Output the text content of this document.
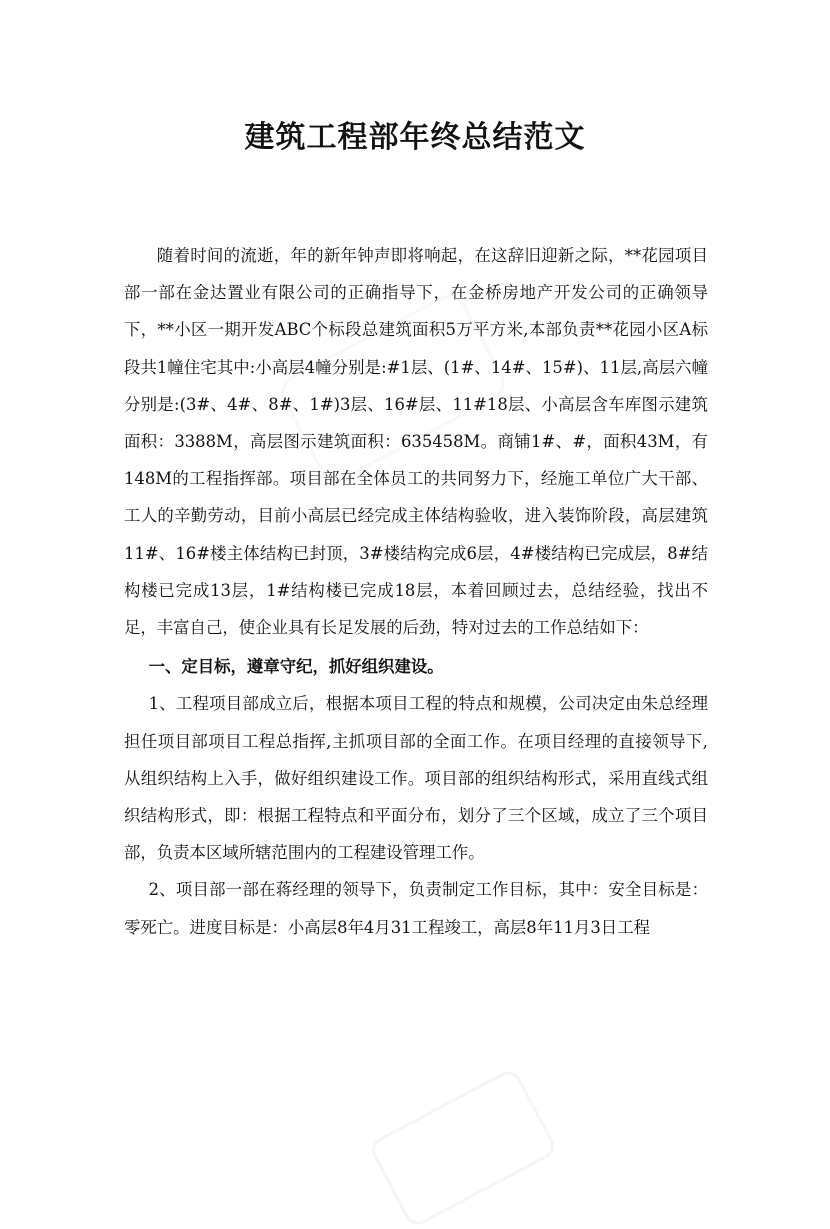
建筑工程部年终总结范文

随着时间的流逝，年的新年钟声即将响起，在这辞旧迎新之际，**花园项目部一部在金达置业有限公司的正确指导下，在金桥房地产开发公司的正确领导下，**小区一期开发ABC个标段总建筑面积5万平方米,本部负责**花园小区A标段共1幢住宅其中:小高层4幢分别是:#1层、(1#、14#、15#)、11层,高层六幢分别是:(3#、4#、8#、1#)3层、16#层、11#18层、小高层含车库图示建筑面积：3388M，高层图示建筑面积：635458M。商铺1#、#，面积43M，有148M的工程指挥部。项目部在全体员工的共同努力下，经施工单位广大干部、工人的辛勤劳动，目前小高层已经完成主体结构验收，进入装饰阶段，高层建筑11#、16#楼主体结构已封顶，3#楼结构完成6层，4#楼结构已完成层，8#结构楼已完成13层，1#结构楼已完成18层，本着回顾过去，总结经验，找出不足，丰富自己，使企业具有长足发展的后劲，特对过去的工作总结如下：

一、定目标，遵章守纪，抓好组织建设。

1、工程项目部成立后，根据本项目工程的特点和规模，公司决定由朱总经理担任项目部项目工程总指挥,主抓项目部的全面工作。在项目经理的直接领导下,从组织结构上入手，做好组织建设工作。项目部的组织结构形式，采用直线式组织结构形式，即：根据工程特点和平面分布，划分了三个区域，成立了三个项目部，负责本区域所辖范围内的工程建设管理工作。

2、项目部一部在蒋经理的领导下，负责制定工作目标，其中：安全目标是：零死亡。进度目标是：小高层8年4月31工程竣工，高层8年11月3日工程
